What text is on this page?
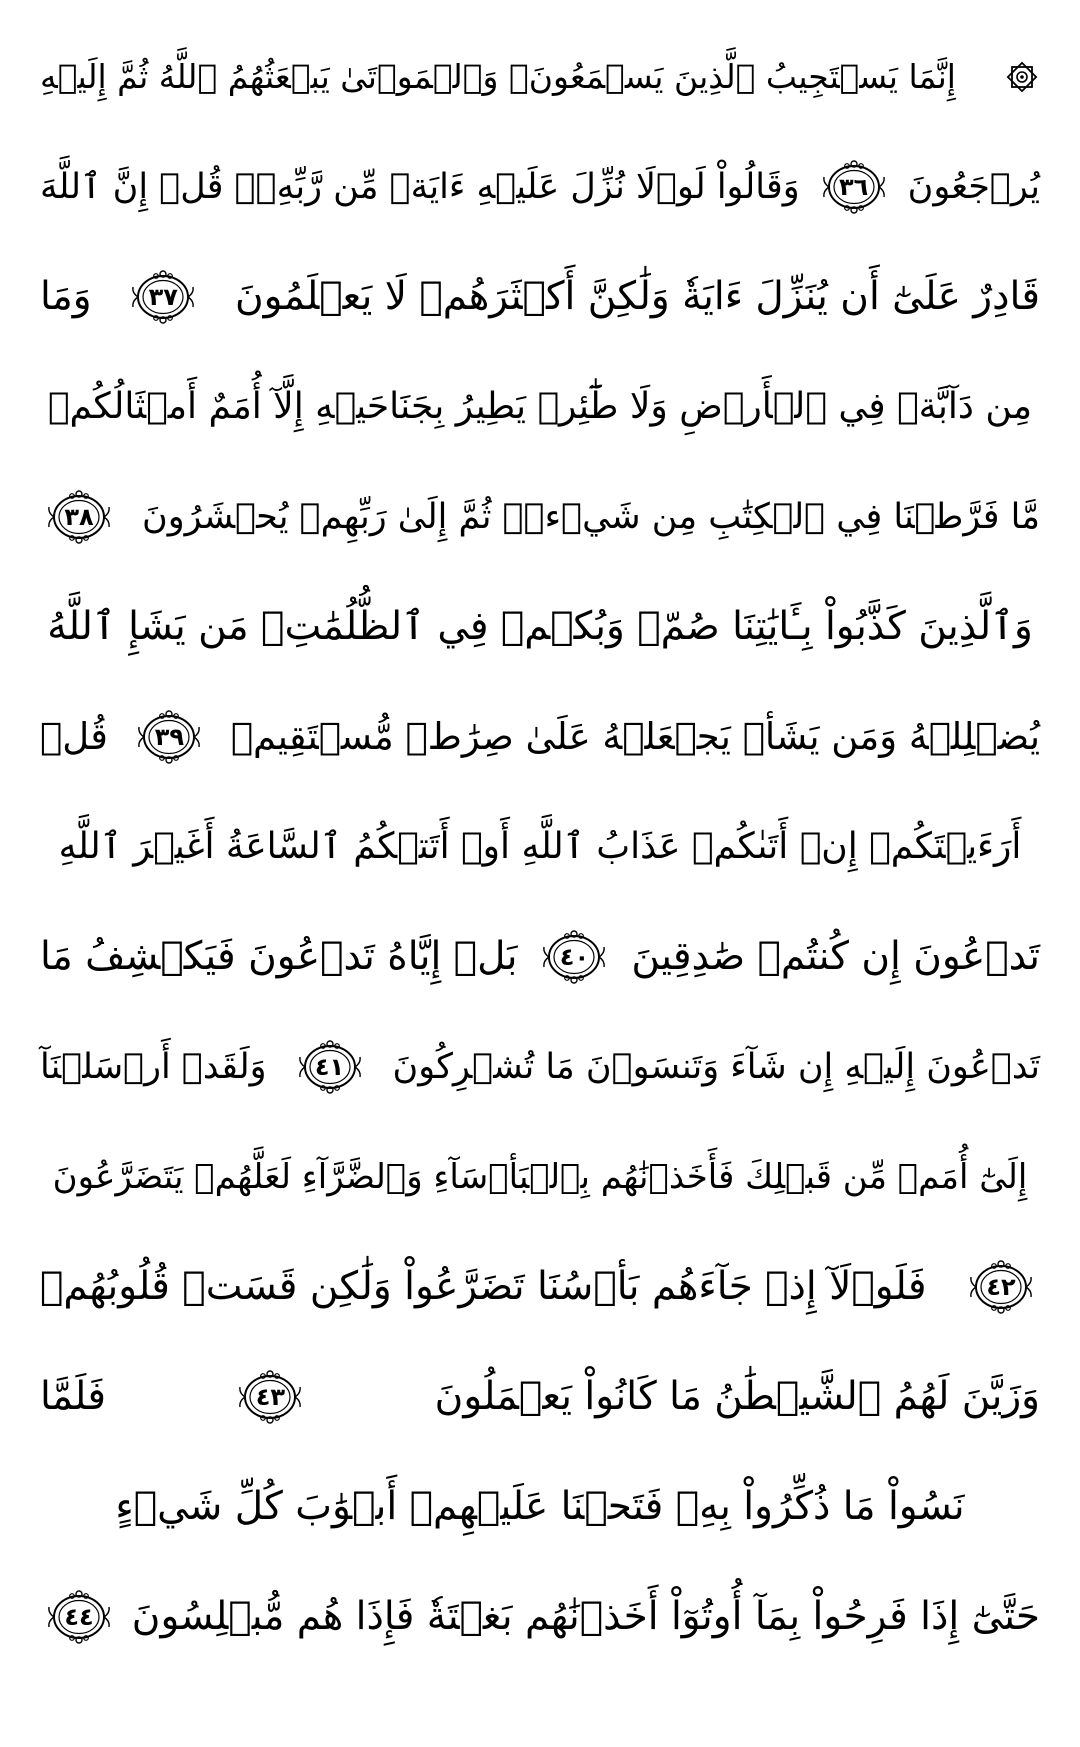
إِنَّمَا يَسۡتَجِيبُ ٱلَّذِينَ يَسۡمَعُونَۘ وَٱلۡمَوۡتَىٰ يَبۡعَثُهُمُ ٱللَّهُ ثُمَّ إِلَيۡهِ
يُرۡجَعُونَ
٣٦
وَقَالُواْ لَوۡلَا نُزِّلَ عَلَيۡهِ ءَايَةٞ مِّن رَّبِّهِۦۚ قُلۡ إِنَّ ٱللَّهَ
قَادِرٌ عَلَىٰٓ أَن يُنَزِّلَ ءَايَةٗ وَلَٰكِنَّ أَكۡثَرَهُمۡ لَا يَعۡلَمُونَ
٣٧
وَمَا
مِن دَآبَّةٖ فِي ٱلۡأَرۡضِ وَلَا طَٰٓئِرٖ يَطِيرُ بِجَنَاحَيۡهِ إِلَّآ أُمَمٌ أَمۡثَالُكُمۚ
مَّا فَرَّطۡنَا فِي ٱلۡكِتَٰبِ مِن شَيۡءٖۚ ثُمَّ إِلَىٰ رَبِّهِمۡ يُحۡشَرُونَ
٣٨
وَٱلَّذِينَ كَذَّبُواْ بِـَٔايَٰتِنَا صُمّٞ وَبُكۡمٞ فِي ٱلظُّلُمَٰتِۗ مَن يَشَإِ ٱللَّهُ
يُضۡلِلۡهُ وَمَن يَشَأۡ يَجۡعَلۡهُ عَلَىٰ صِرَٰطٖ مُّسۡتَقِيمٖ
٣٩
قُلۡ
أَرَءَيۡتَكُمۡ إِنۡ أَتَىٰكُمۡ عَذَابُ ٱللَّهِ أَوۡ أَتَتۡكُمُ ٱلسَّاعَةُ أَغَيۡرَ ٱللَّهِ
تَدۡعُونَ إِن كُنتُمۡ صَٰدِقِينَ
٤٠
بَلۡ إِيَّاهُ تَدۡعُونَ فَيَكۡشِفُ مَا
تَدۡعُونَ إِلَيۡهِ إِن شَآءَ وَتَنسَوۡنَ مَا تُشۡرِكُونَ
٤١
وَلَقَدۡ أَرۡسَلۡنَآ
إِلَىٰٓ أُمَمٖ مِّن قَبۡلِكَ فَأَخَذۡنَٰهُم بِٱلۡبَأۡسَآءِ وَٱلضَّرَّآءِ لَعَلَّهُمۡ يَتَضَرَّعُونَ
٤٢
فَلَوۡلَآ إِذۡ جَآءَهُم بَأۡسُنَا تَضَرَّعُواْ وَلَٰكِن قَسَتۡ قُلُوبُهُمۡ
وَزَيَّنَ لَهُمُ ٱلشَّيۡطَٰنُ مَا كَانُواْ يَعۡمَلُونَ
٤٣
فَلَمَّا
نَسُواْ مَا ذُكِّرُواْ بِهِۦ فَتَحۡنَا عَلَيۡهِمۡ أَبۡوَٰبَ كُلِّ شَيۡءٍ
حَتَّىٰٓ إِذَا فَرِحُواْ بِمَآ أُوتُوٓاْ أَخَذۡنَٰهُم بَغۡتَةٗ فَإِذَا هُم مُّبۡلِسُونَ
٤٤
